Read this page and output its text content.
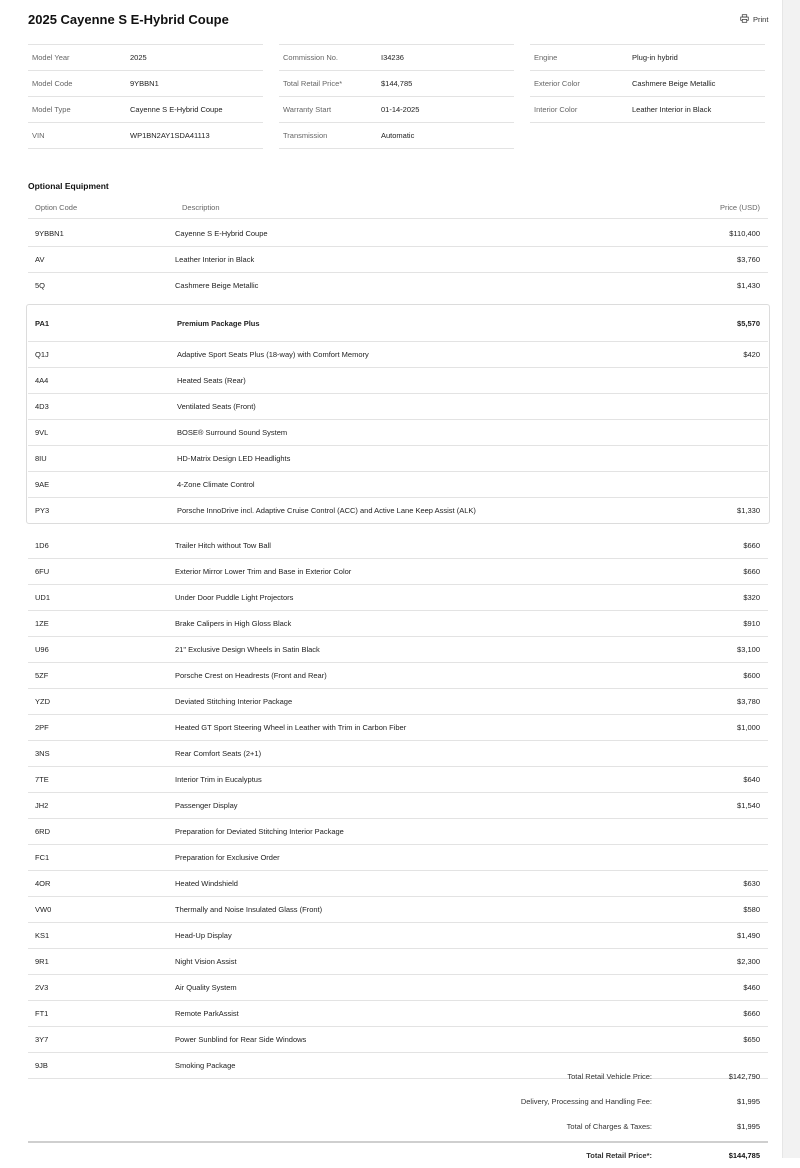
2025 Cayenne S E-Hybrid Coupe	Print
Model Year	2025
Model Code	9YBBN1
Model Type	Cayenne S E-Hybrid Coupe
VIN	WP1BN2AY1SDA41113
Commission No.	I34236
Total Retail Price*	$144,785
Warranty Start	01-14-2025
Transmission	Automatic
Engine	Plug-in hybrid
Exterior Color	Cashmere Beige Metallic
Interior Color	Leather Interior in Black
Optional Equipment
Option Code	Description	Price (USD)
9YBBN1	Cayenne S E-Hybrid Coupe	$110,400
AV	Leather Interior in Black	$3,760
5Q	Cashmere Beige Metallic	$1,430
PA1	Premium Package Plus	$5,570
Q1J	Adaptive Sport Seats Plus (18-way) with Comfort Memory	$420
4A4	Heated Seats (Rear)
4D3	Ventilated Seats (Front)
9VL	BOSE® Surround Sound System
8IU	HD-Matrix Design LED Headlights
9AE	4-Zone Climate Control
PY3	Porsche InnoDrive incl. Adaptive Cruise Control (ACC) and Active Lane Keep Assist (ALK)	$1,330
1D6	Trailer Hitch without Tow Ball	$660
6FU	Exterior Mirror Lower Trim and Base in Exterior Color	$660
UD1	Under Door Puddle Light Projectors	$320
1ZE	Brake Calipers in High Gloss Black	$910
U96	21" Exclusive Design Wheels in Satin Black	$3,100
5ZF	Porsche Crest on Headrests (Front and Rear)	$600
YZD	Deviated Stitching Interior Package	$3,780
2PF	Heated GT Sport Steering Wheel in Leather with Trim in Carbon Fiber	$1,000
3NS	Rear Comfort Seats (2+1)
7TE	Interior Trim in Eucalyptus	$640
JH2	Passenger Display	$1,540
6RD	Preparation for Deviated Stitching Interior Package
FC1	Preparation for Exclusive Order
4OR	Heated Windshield	$630
VW0	Thermally and Noise Insulated Glass (Front)	$580
KS1	Head-Up Display	$1,490
9R1	Night Vision Assist	$2,300
2V3	Air Quality System	$460
FT1	Remote ParkAssist	$660
3Y7	Power Sunblind for Rear Side Windows	$650
9JB	Smoking Package
Total Retail Vehicle Price:	$142,790
Delivery, Processing and Handling Fee:	$1,995
Total of Charges & Taxes:	$1,995
Total Retail Price*:	$144,785
